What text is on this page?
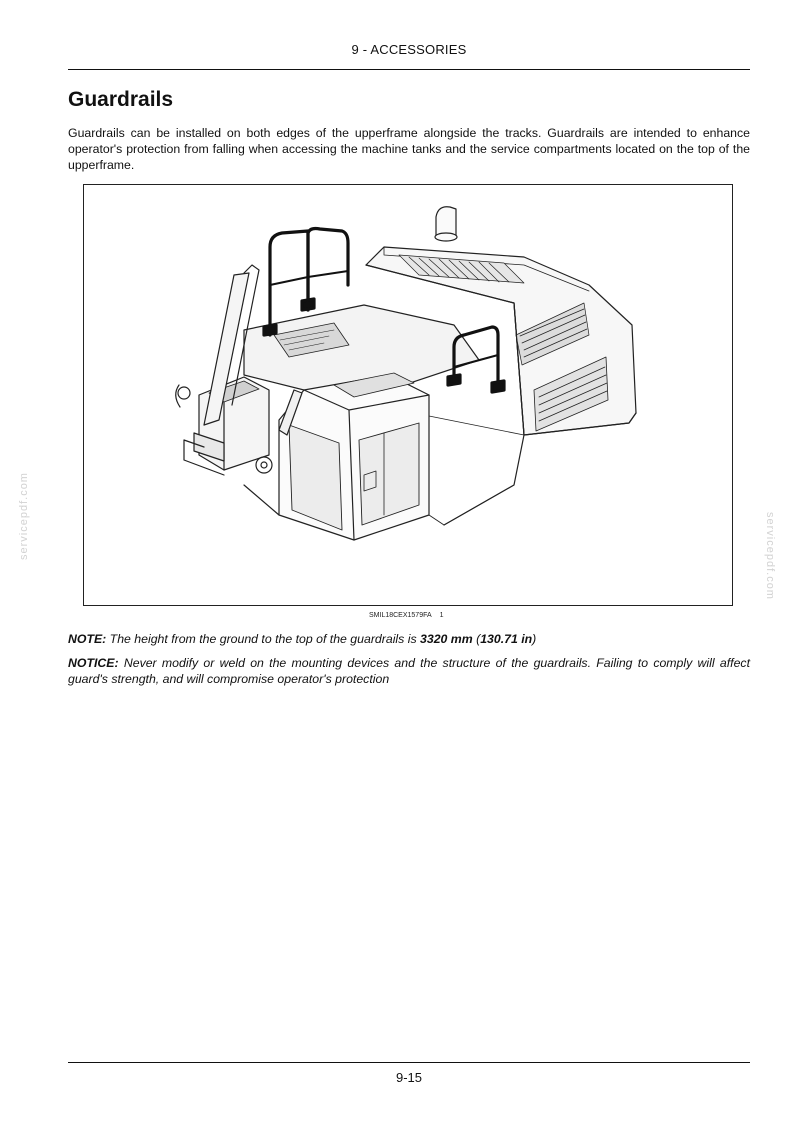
9 - ACCESSORIES
Guardrails

Guardrails can be installed on both edges of the upperframe alongside the tracks. Guardrails are intended to enhance operator's protection from falling when accessing the machine tanks and the service compartments located on the top of the upperframe.

SMIL18CEX1579FA 1

NOTE: The height from the ground to the top of the guardrails is 3320 mm (130.71 in)

NOTICE: Never modify or weld on the mounting devices and the structure of the guardrails. Failing to comply will affect guard's strength, and will compromise operator's protection

servicepdf.com	servicepdf.com
9-15
